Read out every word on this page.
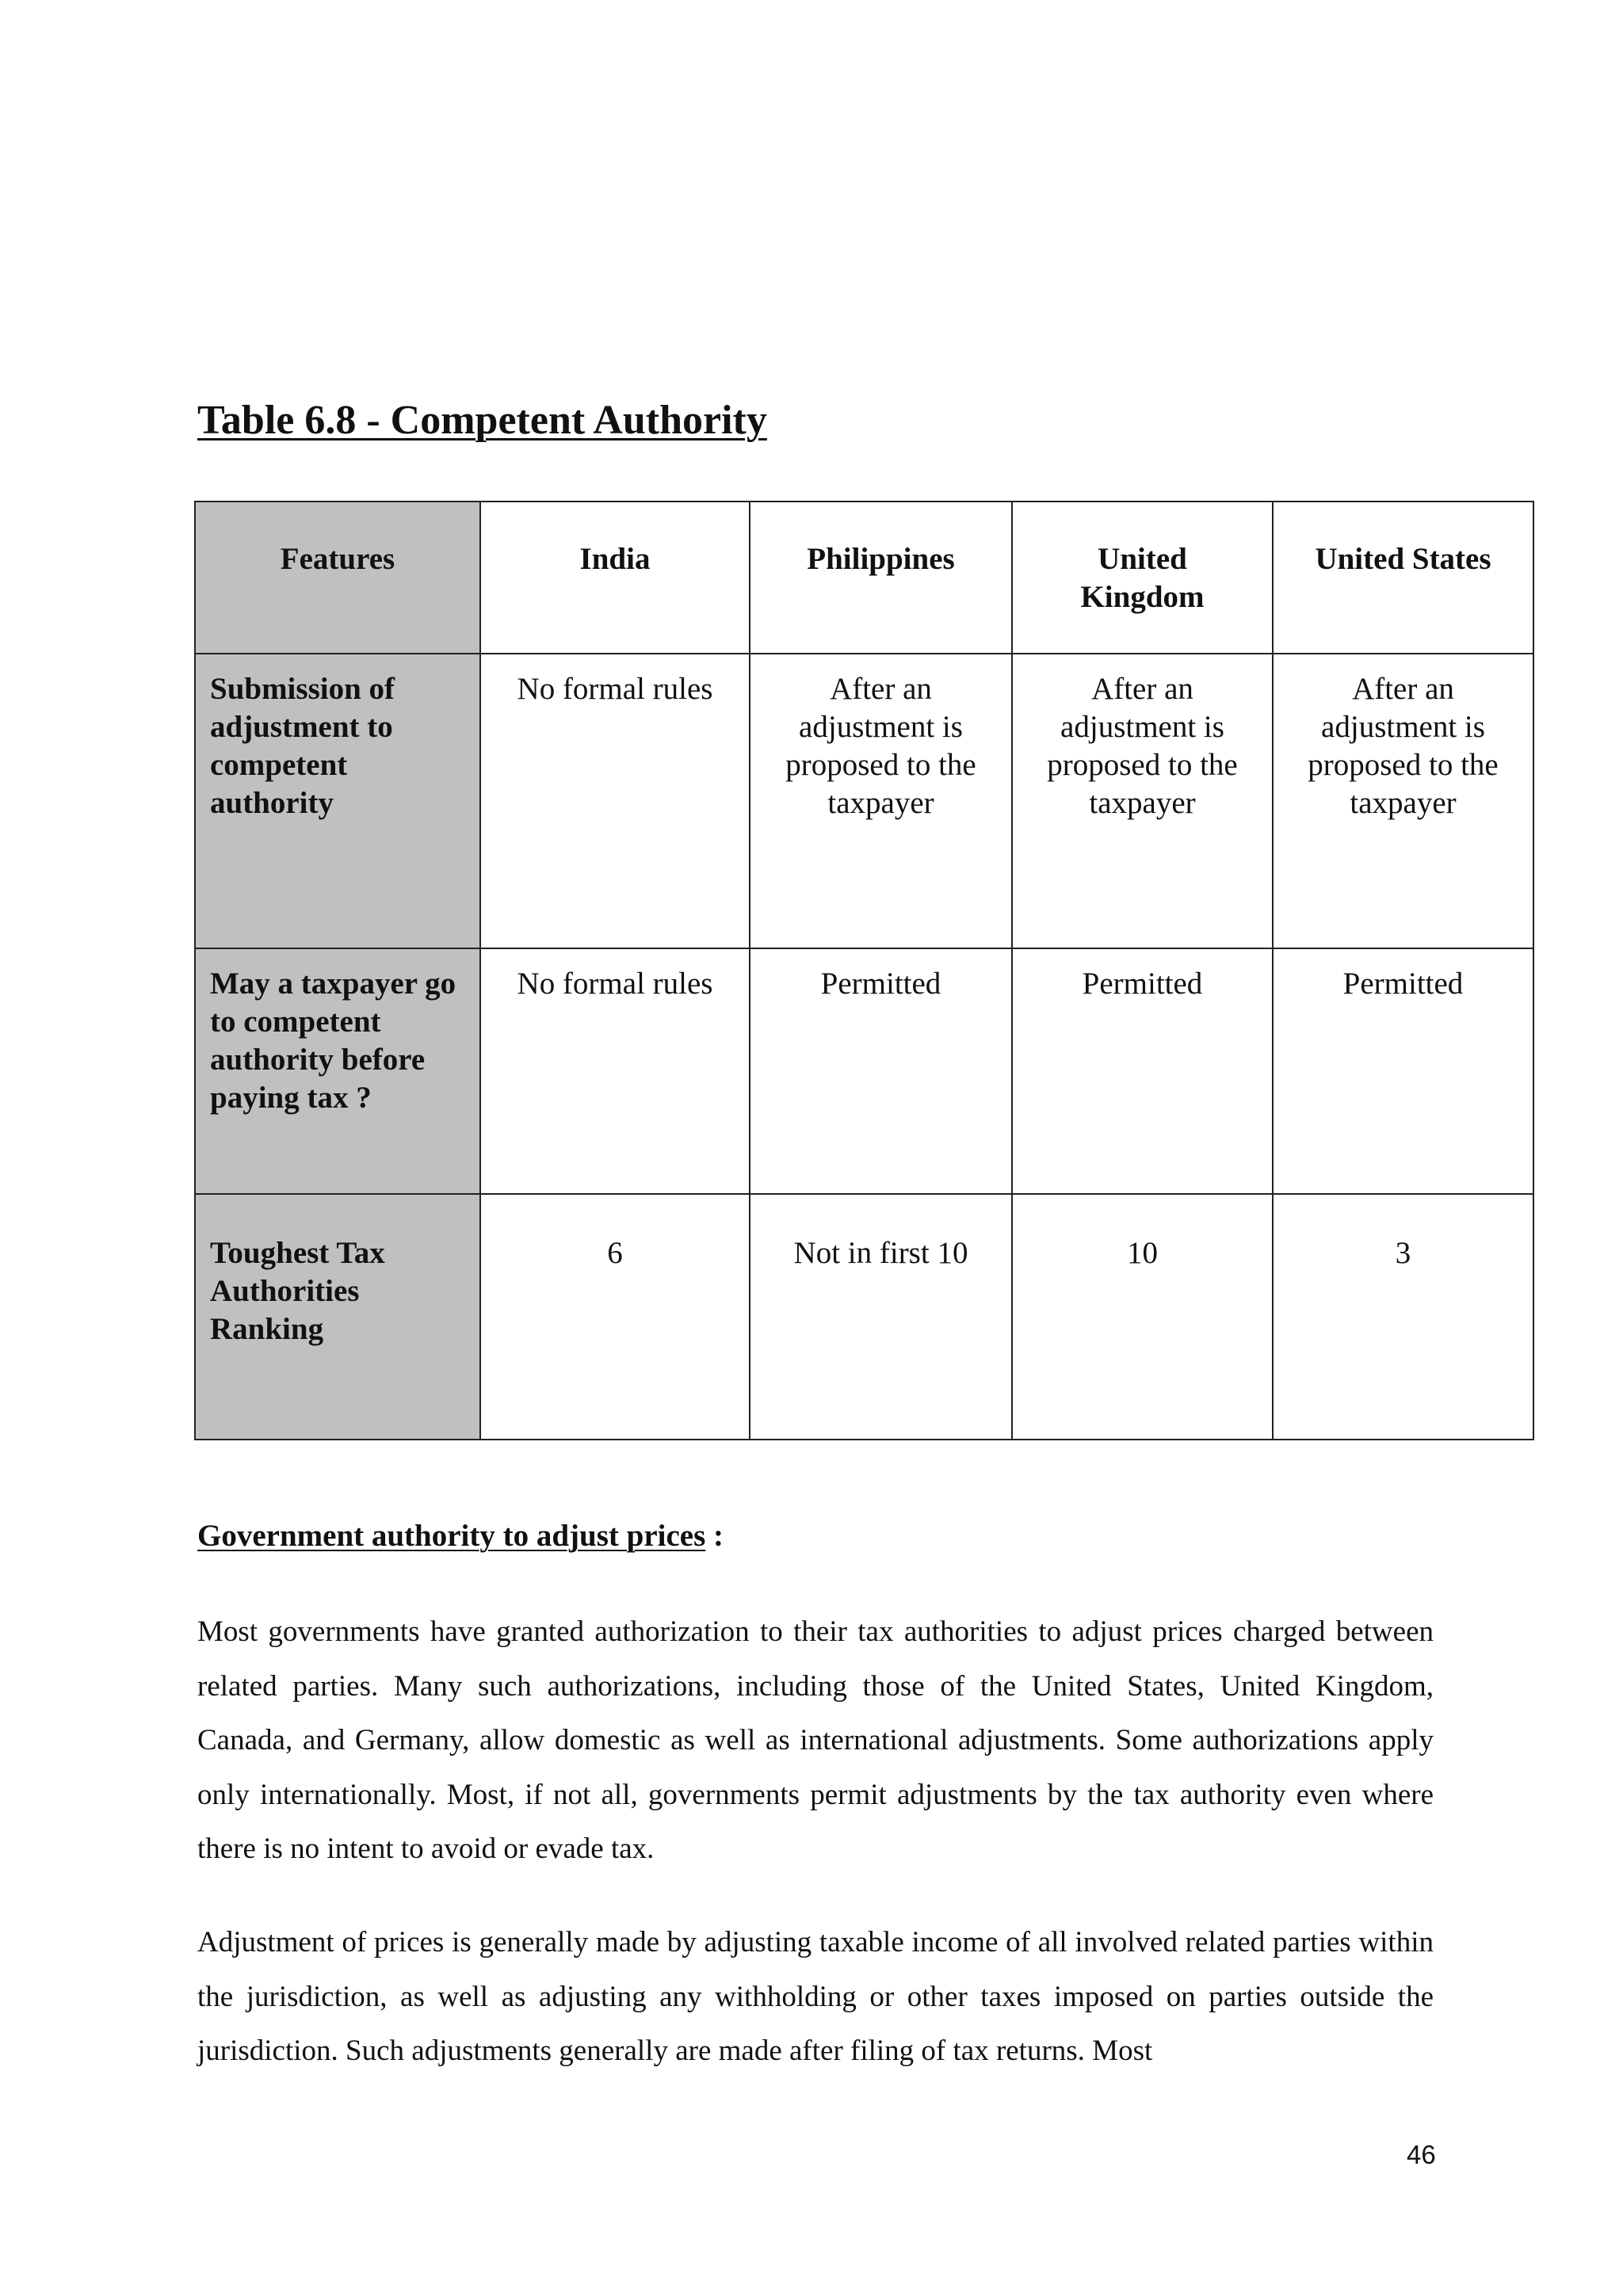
Table 6.8 - Competent Authority
Features	India	Philippines	United Kingdom	United States
Submission of adjustment to competent authority	No formal rules	After an adjustment is proposed to the taxpayer	After an adjustment is proposed to the taxpayer	After an adjustment is proposed to the taxpayer
May a taxpayer go to competent authority before paying tax ?	No formal rules	Permitted	Permitted	Permitted
Toughest Tax Authorities Ranking	6	Not in first 10	10	3
Government authority to adjust prices :

Most governments have granted authorization to their tax authorities to adjust prices charged between related parties. Many such authorizations, including those of the United States, United Kingdom, Canada, and Germany, allow domestic as well as international adjustments. Some authorizations apply only internationally. Most, if not all, governments permit adjustments by the tax authority even where there is no intent to avoid or evade tax.

Adjustment of prices is generally made by adjusting taxable income of all involved related parties within the jurisdiction, as well as adjusting any withholding or other taxes imposed on parties outside the jurisdiction. Such adjustments generally are made after filing of tax returns. Most

46
